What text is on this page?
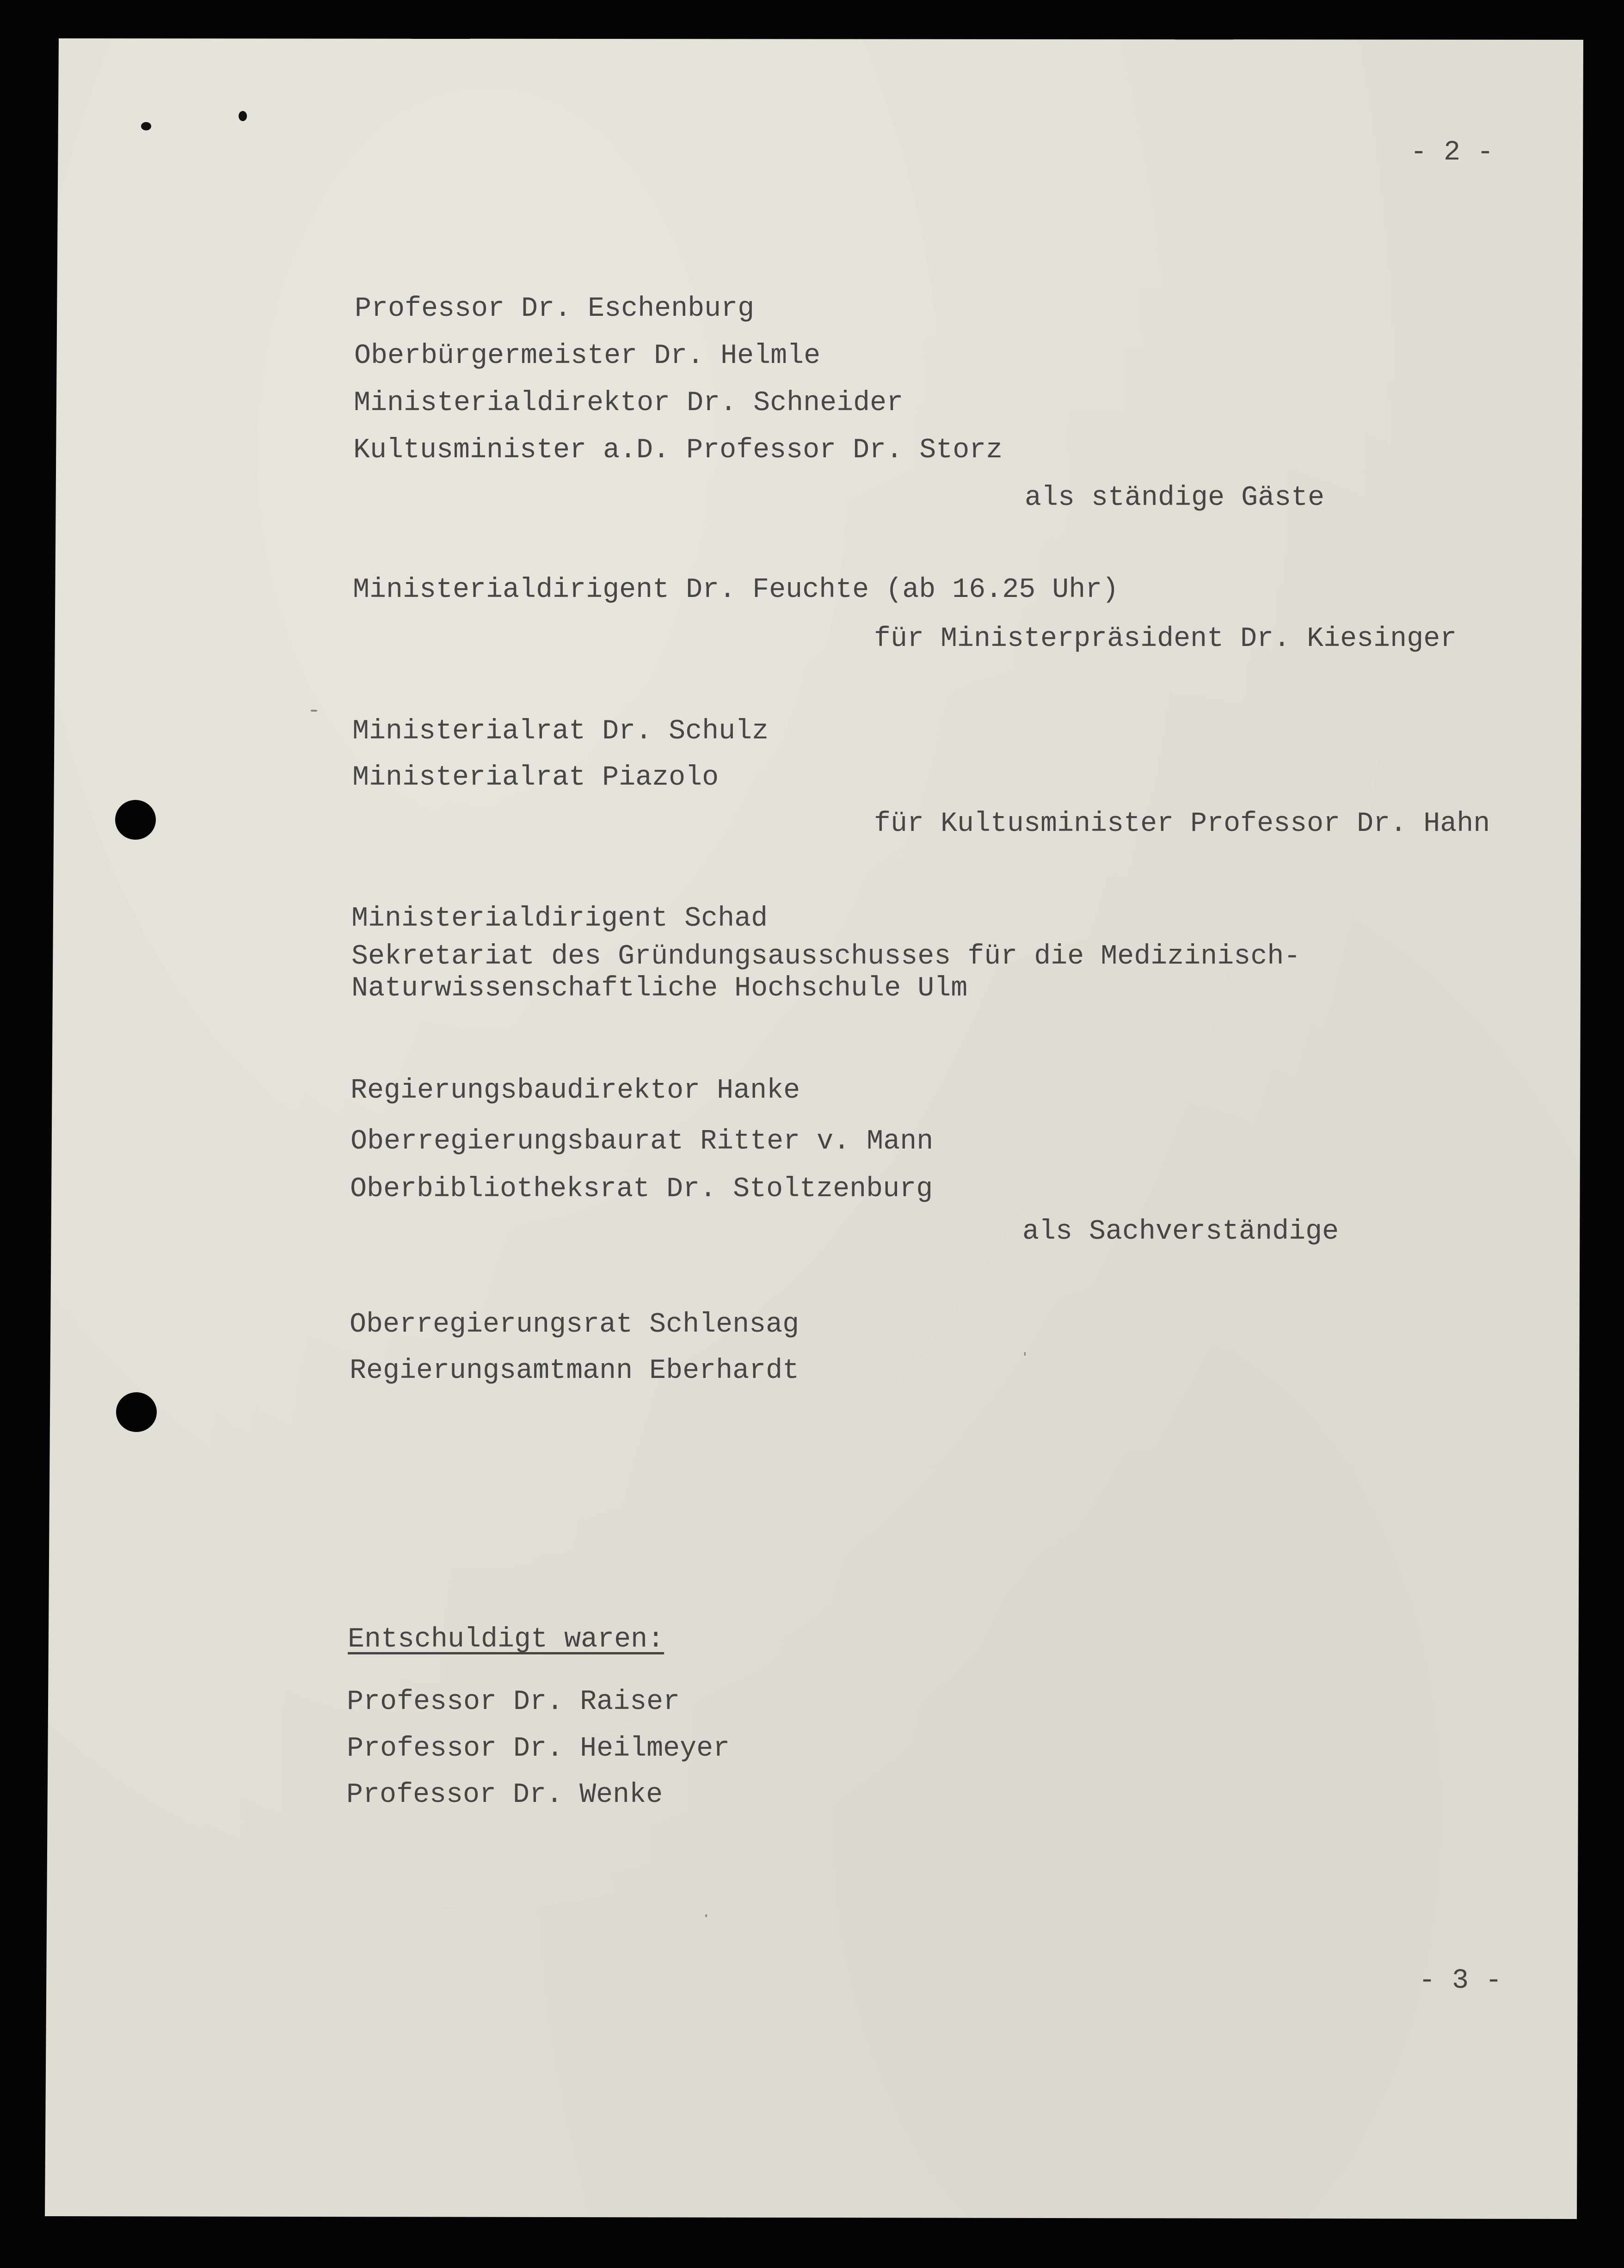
- 2 -
Professor Dr. Eschenburg
Oberbürgermeister Dr. Helmle
Ministerialdirektor Dr. Schneider
Kultusminister a.D. Professor Dr. Storz
als ständige Gäste
Ministerialdirigent Dr. Feuchte (ab 16.25 Uhr)
für Ministerpräsident Dr. Kiesinger
Ministerialrat Dr. Schulz
Ministerialrat Piazolo
für Kultusminister Professor Dr. Hahn
Ministerialdirigent Schad
Sekretariat des Gründungsausschusses für die Medizinisch-
Naturwissenschaftliche Hochschule Ulm
Regierungsbaudirektor Hanke
Oberregierungsbaurat Ritter v. Mann
Oberbibliotheksrat Dr. Stoltzenburg
als Sachverständige
Oberregierungsrat Schlensag
Regierungsamtmann Eberhardt
Entschuldigt waren:
Professor Dr. Raiser
Professor Dr. Heilmeyer
Professor Dr. Wenke
- 3 -
